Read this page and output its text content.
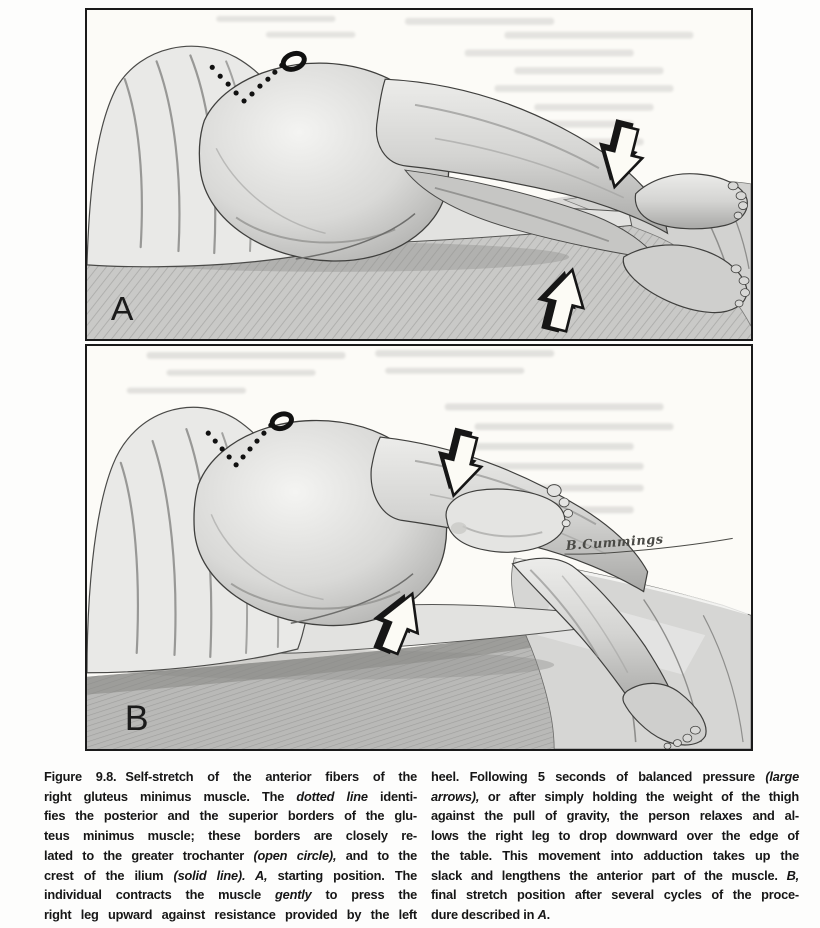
A
B.Cummings
B
Figure 9.8. Self-stretch of the anterior fibers of the
right gluteus minimus muscle. The dotted line identi-
fies the posterior and the superior borders of the glu-
teus minimus muscle; these borders are closely re-
lated to the greater trochanter (open circle), and to the
crest of the ilium (solid line). A, starting position. The
individual contracts the muscle gently to press the
right leg upward against resistance provided by the left
heel. Following 5 seconds of balanced pressure (large
arrows), or after simply holding the weight of the thigh
against the pull of gravity, the person relaxes and al-
lows the right leg to drop downward over the edge of
the table. This movement into adduction takes up the
slack and lengthens the anterior part of the muscle. B,
final stretch position after several cycles of the proce-
dure described in A.
